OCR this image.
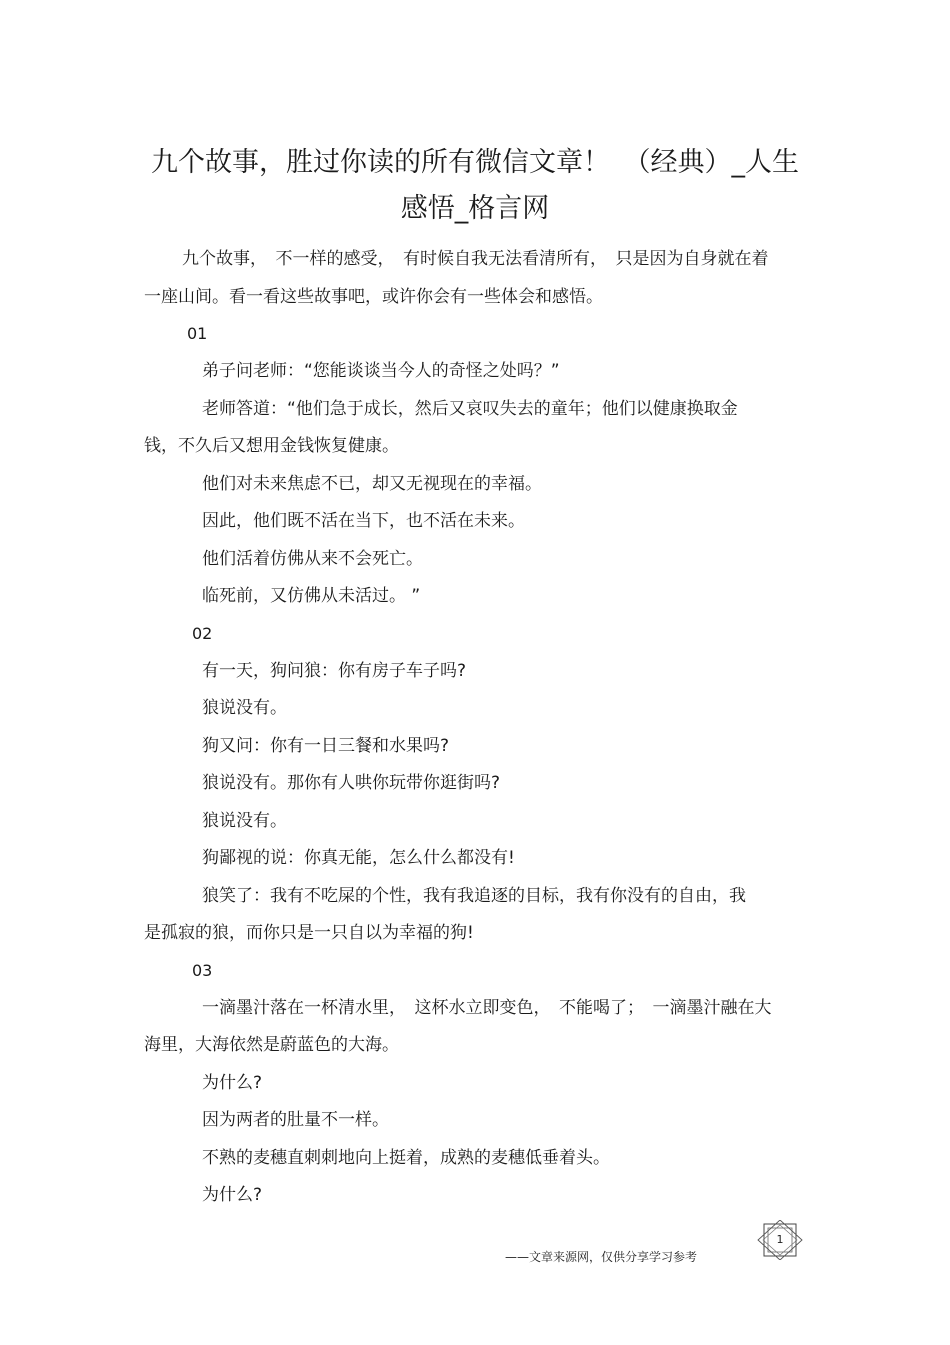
九个故事，胜过你读的所有微信文章！　（经典）_人生
感悟_格言网
九个故事，　不一样的感受，　有时候自我无法看清所有，　只是因为自身就在着
一座山间。看一看这些故事吧，或许你会有一些体会和感悟。
01
弟子问老师：“您能谈谈当今人的奇怪之处吗？”
老师答道：“他们急于成长，然后又哀叹失去的童年；他们以健康换取金
钱，不久后又想用金钱恢复健康。
他们对未来焦虑不已，却又无视现在的幸福。
因此，他们既不活在当下，也不活在未来。
他们活着仿佛从来不会死亡。
临死前，又仿佛从未活过。 ”
02
有一天，狗问狼：你有房子车子吗?
狼说没有。
狗又问：你有一日三餐和水果吗?
狼说没有。那你有人哄你玩带你逛街吗?
狼说没有。
狗鄙视的说：你真无能，怎么什么都没有!
狼笑了：我有不吃屎的个性，我有我追逐的目标，我有你没有的自由，我
是孤寂的狼，而你只是一只自以为幸福的狗!
03
一滴墨汁落在一杯清水里，　这杯水立即变色，　不能喝了；　一滴墨汁融在大
海里，大海依然是蔚蓝色的大海。
为什么?
因为两者的肚量不一样。
不熟的麦穗直刺刺地向上挺着，成熟的麦穗低垂着头。
为什么?
1
——文章来源网，仅供分享学习参考
